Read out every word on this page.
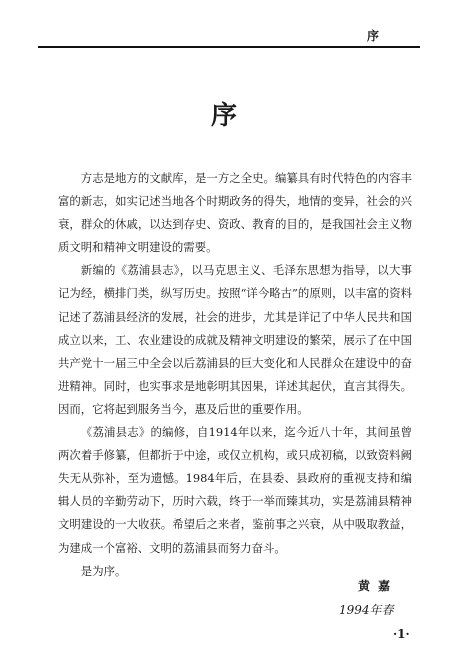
序
序

方志是地方的文献库，是一方之全史。编纂具有时代特色的内容丰富的新志，如实记述当地各个时期政务的得失，地情的变异，社会的兴衰，群众的休戚，以达到存史、资政、教育的目的，是我国社会主义物质文明和精神文明建设的需要。

新编的《荔浦县志》，以马克思主义、毛泽东思想为指导，以大事记为经，横排门类，纵写历史。按照“详今略古”的原则，以丰富的资料记述了荔浦县经济的发展，社会的进步，尤其是详记了中华人民共和国成立以来，工、农业建设的成就及精神文明建设的繁荣，展示了在中国共产党十一届三中全会以后荔浦县的巨大变化和人民群众在建设中的奋进精神。同时，也实事求是地彰明其因果，详述其起伏，直言其得失。因而，它将起到服务当今，惠及后世的重要作用。

《荔浦县志》的编修，自1914年以来，迄今近八十年，其间虽曾两次着手修纂，但都折于中途，或仅立机构，或只成初稿，以致资料阙失无从弥补，至为遗憾。1984年后，在县委、县政府的重视支持和编辑人员的辛勤劳动下，历时六载，终于一举而臻其功，实是荔浦县精神文明建设的一大收获。希望后之来者，鉴前事之兴衰，从中吸取教益，为建成一个富裕、文明的荔浦县而努力奋斗。

是为序。

黄嘉
1994年春
·1·
